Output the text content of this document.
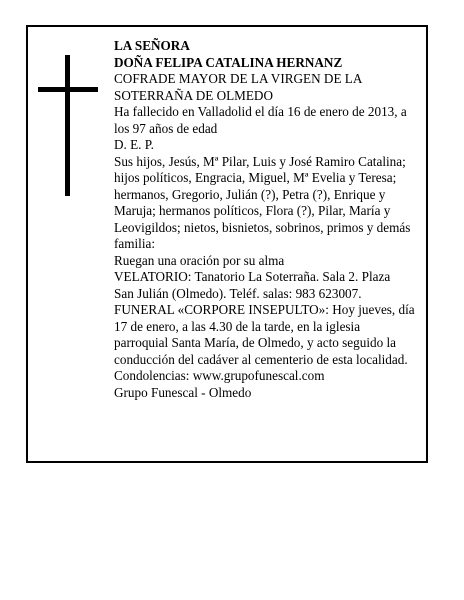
LA SEÑORA
DOÑA FELIPA CATALINA HERNANZ
COFRADE MAYOR DE LA VIRGEN DE LA
SOTERRAÑA DE OLMEDO
Ha fallecido en Valladolid el día 16 de enero de 2013, a
los 97 años de edad
D. E. P.
Sus hijos, Jesús, Mª Pilar, Luis y José Ramiro Catalina;
hijos políticos, Engracia, Miguel, Mª Evelia y Teresa;
hermanos, Gregorio, Julián (?), Petra (?), Enrique y
Maruja; hermanos políticos, Flora (?), Pilar, María y
Leovigildos; nietos, bisnietos, sobrinos, primos y demás
familia:
Ruegan una oración por su alma
VELATORIO: Tanatorio La Soterraña. Sala 2. Plaza
San Julián (Olmedo). Teléf. salas: 983 623007.
FUNERAL «CORPORE INSEPULTO»: Hoy jueves, día
17 de enero, a las 4.30 de la tarde, en la iglesia
parroquial Santa María, de Olmedo, y acto seguido la
conducción del cadáver al cementerio de esta localidad.
Condolencias: www.grupofunescal.com
Grupo Funescal - Olmedo
